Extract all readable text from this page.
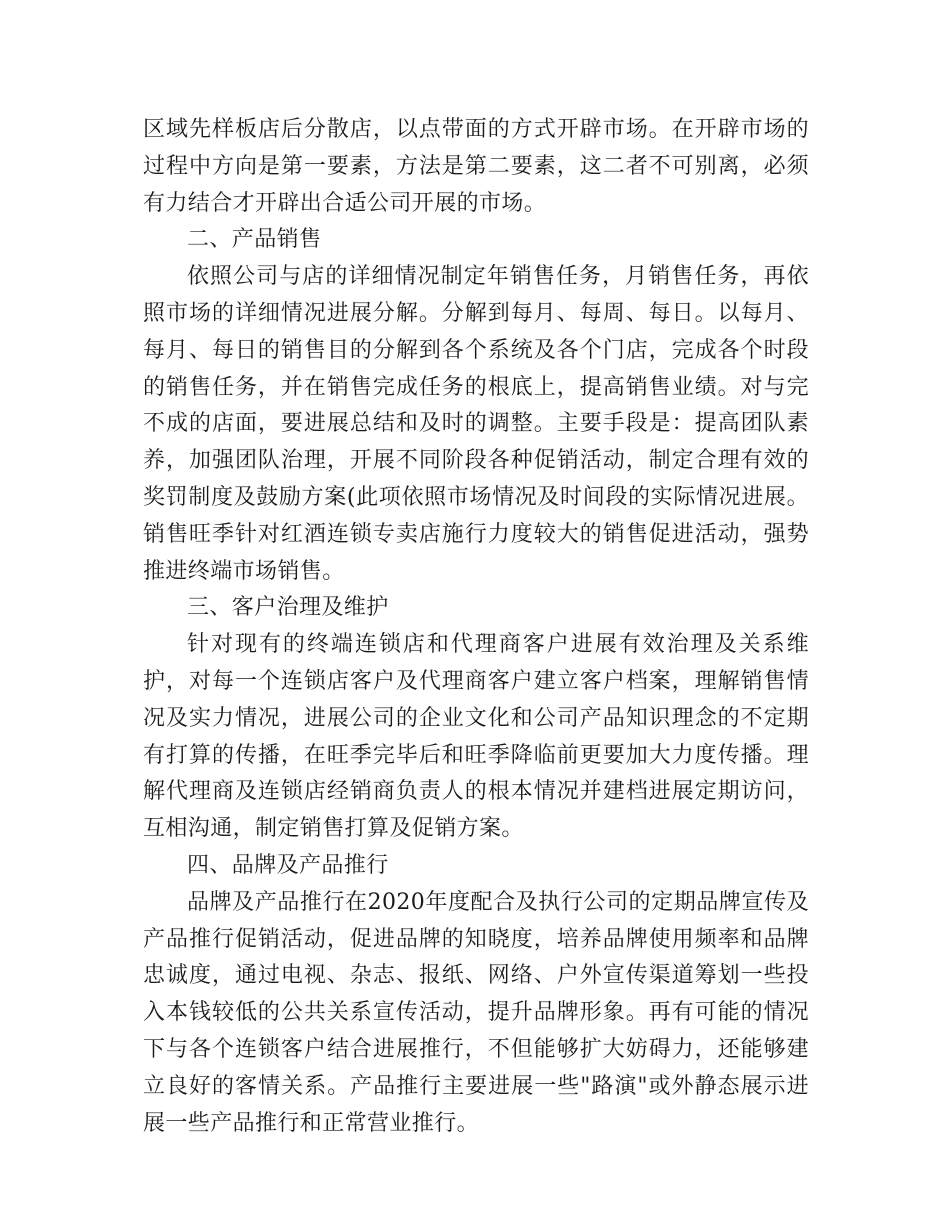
区域先样板店后分散店，以点带面的方式开辟市场。在开辟市场的过程中方向是第一要素，方法是第二要素，这二者不可别离，必须有力结合才开辟出合适公司开展的市场。

二、产品销售

依照公司与店的详细情况制定年销售任务，月销售任务，再依照市场的详细情况进展分解。分解到每月、每周、每日。以每月、每月、每日的销售目的分解到各个系统及各个门店，完成各个时段的销售任务，并在销售完成任务的根底上，提高销售业绩。对与完不成的店面，要进展总结和及时的调整。主要手段是：提高团队素养，加强团队治理，开展不同阶段各种促销活动，制定合理有效的奖罚制度及鼓励方案(此项依照市场情况及时间段的实际情况进展。销售旺季针对红酒连锁专卖店施行力度较大的销售促进活动，强势推进终端市场销售。

三、客户治理及维护

针对现有的终端连锁店和代理商客户进展有效治理及关系维护，对每一个连锁店客户及代理商客户建立客户档案，理解销售情况及实力情况，进展公司的企业文化和公司产品知识理念的不定期有打算的传播，在旺季完毕后和旺季降临前更要加大力度传播。理解代理商及连锁店经销商负责人的根本情况并建档进展定期访问，互相沟通，制定销售打算及促销方案。

四、品牌及产品推行

品牌及产品推行在2020年度配合及执行公司的定期品牌宣传及产品推行促销活动，促进品牌的知晓度，培养品牌使用频率和品牌忠诚度，通过电视、杂志、报纸、网络、户外宣传渠道筹划一些投入本钱较低的公共关系宣传活动，提升品牌形象。再有可能的情况下与各个连锁客户结合进展推行，不但能够扩大妨碍力，还能够建立良好的客情关系。产品推行主要进展一些"路演"或外静态展示进展一些产品推行和正常营业推行。
